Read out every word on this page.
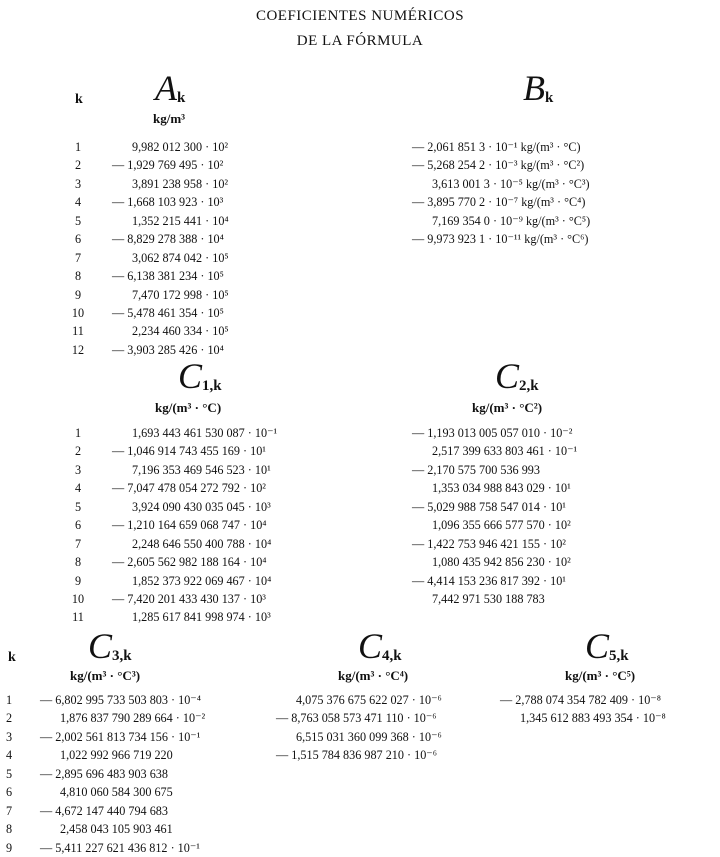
COEFICIENTES NUMÉRICOS
DE LA FÓRMULA
k $A_k$
kg/m³
$B_k$
1
2
3
4
5
6
7
8
9
10
11
12
9,982 012 300 · 10²
— 1,929 769 495 · 10²
3,891 238 958 · 10²
— 1,668 103 923 · 10³
1,352 215 441 · 10⁴
— 8,829 278 388 · 10⁴
3,062 874 042 · 10⁵
— 6,138 381 234 · 10⁵
7,470 172 998 · 10⁵
— 5,478 461 354 · 10⁵
2,234 460 334 · 10⁵
— 3,903 285 426 · 10⁴
— 2,061 851 3 · 10⁻¹ kg/(m³ · °C)
— 5,268 254 2 · 10⁻³ kg/(m³ · °C²)
3,613 001 3 · 10⁻⁵ kg/(m³ · °C³)
— 3,895 770 2 · 10⁻⁷ kg/(m³ · °C⁴)
7,169 354 0 · 10⁻⁹ kg/(m³ · °C⁵)
— 9,973 923 1 · 10⁻¹¹ kg/(m³ · °C⁶)
$C_{1,k}$
kg/(m³ · °C)
$C_{2,k}$
kg/(m³ · °C²)
1
2
3
4
5
6
7
8
9
10
11
1,693 443 461 530 087 · 10⁻¹
— 1,046 914 743 455 169 · 10¹
7,196 353 469 546 523 · 10¹
— 7,047 478 054 272 792 · 10²
3,924 090 430 035 045 · 10³
— 1,210 164 659 068 747 · 10⁴
2,248 646 550 400 788 · 10⁴
— 2,605 562 982 188 164 · 10⁴
1,852 373 922 069 467 · 10⁴
— 7,420 201 433 430 137 · 10³
1,285 617 841 998 974 · 10³
— 1,193 013 005 057 010 · 10⁻²
2,517 399 633 803 461 · 10⁻¹
— 2,170 575 700 536 993
1,353 034 988 843 029 · 10¹
— 5,029 988 758 547 014 · 10¹
1,096 355 666 577 570 · 10²
— 1,422 753 946 421 155 · 10²
1,080 435 942 856 230 · 10²
— 4,414 153 236 817 392 · 10¹
7,442 971 530 188 783
k $C_{3,k}$
kg/(m³ · °C³)
$C_{4,k}$
kg/(m³ · °C⁴)
$C_{5,k}$
kg/(m³ · °C⁵)
1
2
3
4
5
6
7
8
9
— 6,802 995 733 503 803 · 10⁻⁴
1,876 837 790 289 664 · 10⁻²
— 2,002 561 813 734 156 · 10⁻¹
1,022 992 966 719 220
— 2,895 696 483 903 638
4,810 060 584 300 675
— 4,672 147 440 794 683
2,458 043 105 903 461
— 5,411 227 621 436 812 · 10⁻¹
4,075 376 675 622 027 · 10⁻⁶
— 8,763 058 573 471 110 · 10⁻⁶
6,515 031 360 099 368 · 10⁻⁶
— 1,515 784 836 987 210 · 10⁻⁶
— 2,788 074 354 782 409 · 10⁻⁸
1,345 612 883 493 354 · 10⁻⁸
